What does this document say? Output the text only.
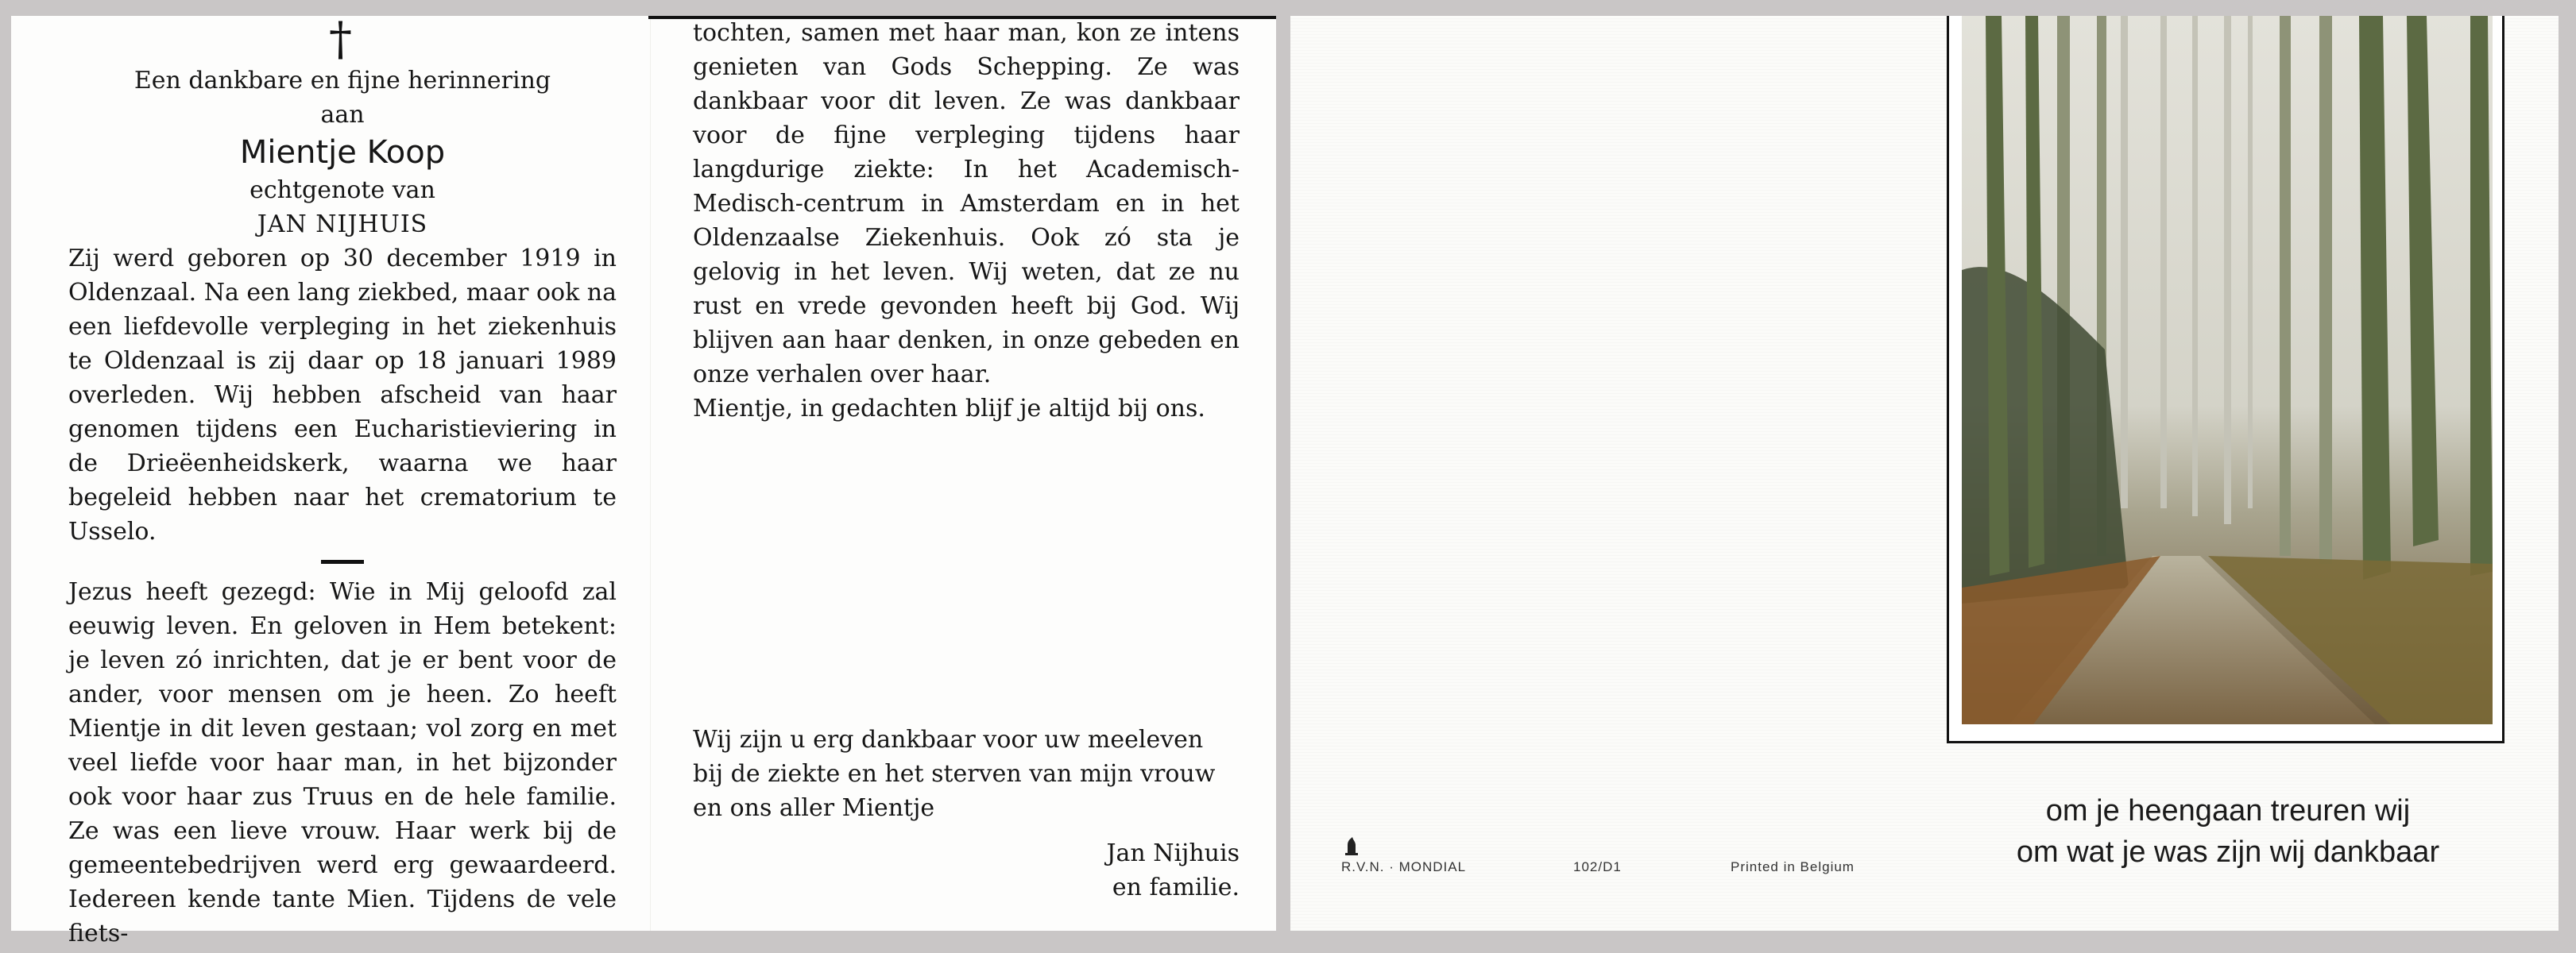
†
Een dankbare en fijne herinnering
aan
Mientje Koop
echtgenote van
JAN NIJHUIS

Zij werd geboren op 30 december 1919 in Oldenzaal. Na een lang ziekbed, maar ook na een liefdevolle verpleging in het ziekenhuis te Oldenzaal is zij daar op 18 januari 1989 overleden. Wij hebben afscheid van haar genomen tijdens een Eucharistieviering in de Drieëenheidskerk, waarna we haar begeleid hebben naar het crematorium te Usselo.

Jezus heeft gezegd: Wie in Mij geloofd zal eeuwig leven. En geloven in Hem betekent: je leven zó inrichten, dat je er bent voor de ander, voor mensen om je heen. Zo heeft Mientje in dit leven gestaan; vol zorg en met veel liefde voor haar man, in het bijzonder ook voor haar zus Truus en de hele familie. Ze was een lieve vrouw. Haar werk bij de gemeentebedrijven werd erg gewaardeerd. Iedereen kende tante Mien. Tijdens de vele fiets-

tochten, samen met haar man, kon ze intens genieten van Gods Schepping. Ze was dankbaar voor dit leven. Ze was dankbaar voor de fijne verpleging tijdens haar langdurige ziekte: In het Academisch-Medisch-centrum in Amsterdam en in het Oldenzaalse Ziekenhuis. Ook zó sta je gelovig in het leven. Wij weten, dat ze nu rust en vrede gevonden heeft bij God. Wij blijven aan haar denken, in onze gebeden en onze verhalen over haar.

Mientje, in gedachten blijf je altijd bij ons.

Wij zijn u erg dankbaar voor uw meeleven bij de ziekte en het sterven van mijn vrouw en ons aller Mientje

Jan Nijhuis
en familie.
om je heengaan treuren wij
om wat je was zijn wij dankbaar
R.V.N. · MONDIAL	102/D1	Printed in Belgium
